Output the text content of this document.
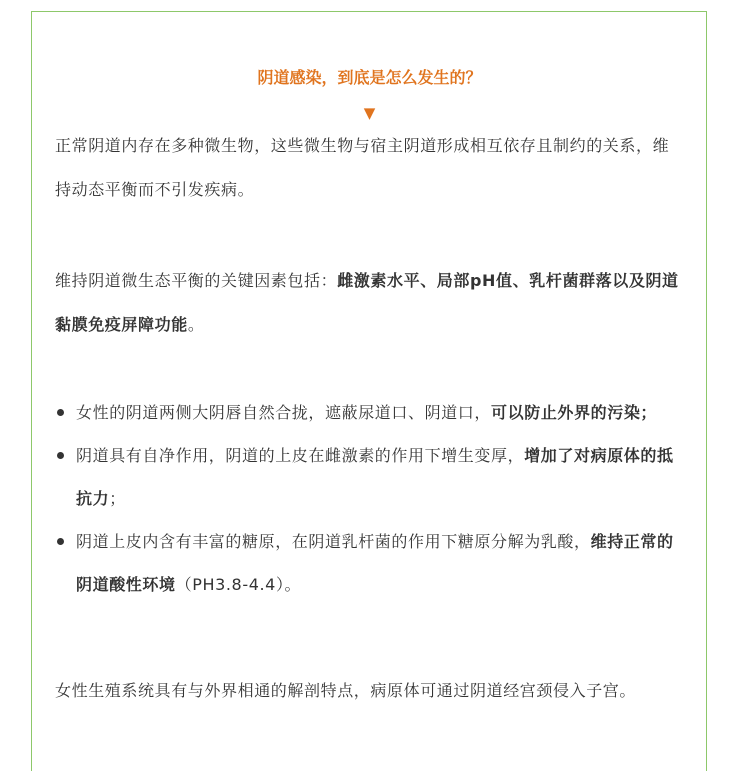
阴道感染，到底是怎么发生的？
▼

正常阴道内存在多种微生物，这些微生物与宿主阴道形成相互依存且制约的关系，维持动态平衡而不引发疾病。

维持阴道微生态平衡的关键因素包括：雌激素水平、局部pH值、乳杆菌群落以及阴道黏膜免疫屏障功能。

女性的阴道两侧大阴唇自然合拢，遮蔽尿道口、阴道口，可以防止外界的污染；
阴道具有自净作用，阴道的上皮在雌激素的作用下增生变厚，增加了对病原体的抵抗力；
阴道上皮内含有丰富的糖原，在阴道乳杆菌的作用下糖原分解为乳酸，维持正常的阴道酸性环境（PH3.8-4.4）。

女性生殖系统具有与外界相通的解剖特点，病原体可通过阴道经宫颈侵入子宫。
